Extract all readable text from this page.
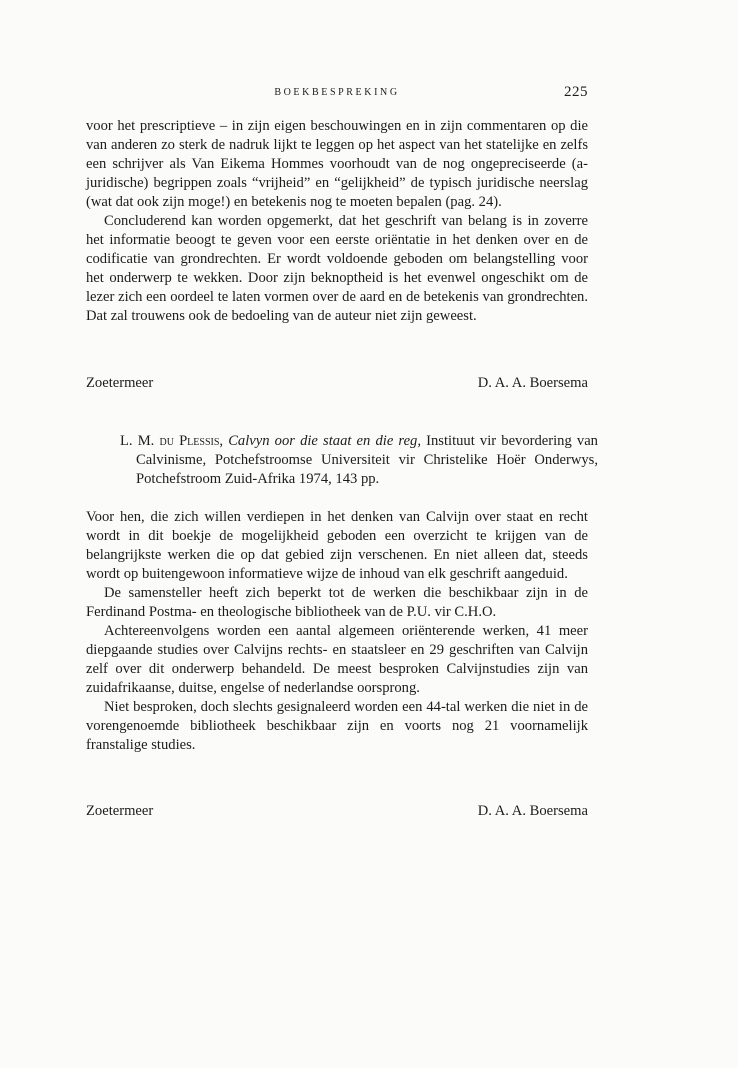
BOEKBESPREKING	225

voor het prescriptieve – in zijn eigen beschouwingen en in zijn commentaren op die van anderen zo sterk de nadruk lijkt te leggen op het aspect van het statelijke en zelfs een schrijver als Van Eikema Hommes voorhoudt van de nog ongepreciseerde (a-juridische) begrippen zoals “vrijheid” en “gelijkheid” de typisch juridische neerslag (wat dat ook zijn moge!) en betekenis nog te moeten bepalen (pag. 24).

Concluderend kan worden opgemerkt, dat het geschrift van belang is in zoverre het informatie beoogt te geven voor een eerste oriëntatie in het denken over en de codificatie van grondrechten. Er wordt voldoende geboden om belangstelling voor het onderwerp te wekken. Door zijn beknoptheid is het evenwel ongeschikt om de lezer zich een oordeel te laten vormen over de aard en de betekenis van grondrechten. Dat zal trouwens ook de bedoeling van de auteur niet zijn geweest.

Zoetermeer	D. A. A. Boersema
L. M. du Plessis, Calvyn oor die staat en die reg, Instituut vir bevordering van Calvinisme, Potchefstroomse Universiteit vir Christelike Hoër Onderwys, Potchefstroom Zuid-Afrika 1974, 143 pp.

Voor hen, die zich willen verdiepen in het denken van Calvijn over staat en recht wordt in dit boekje de mogelijkheid geboden een overzicht te krijgen van de belangrijkste werken die op dat gebied zijn verschenen. En niet alleen dat, steeds wordt op buitengewoon informatieve wijze de inhoud van elk geschrift aangeduid.

De samensteller heeft zich beperkt tot de werken die beschikbaar zijn in de Ferdinand Postma- en theologische bibliotheek van de P.U. vir C.H.O.

Achtereenvolgens worden een aantal algemeen oriënterende werken, 41 meer diepgaande studies over Calvijns rechts- en staatsleer en 29 geschriften van Calvijn zelf over dit onderwerp behandeld. De meest besproken Calvijnstudies zijn van zuidafrikaanse, duitse, engelse of nederlandse oorsprong.

Niet besproken, doch slechts gesignaleerd worden een 44-tal werken die niet in de vorengenoemde bibliotheek beschikbaar zijn en voorts nog 21 voornamelijk franstalige studies.

Zoetermeer	D. A. A. Boersema
